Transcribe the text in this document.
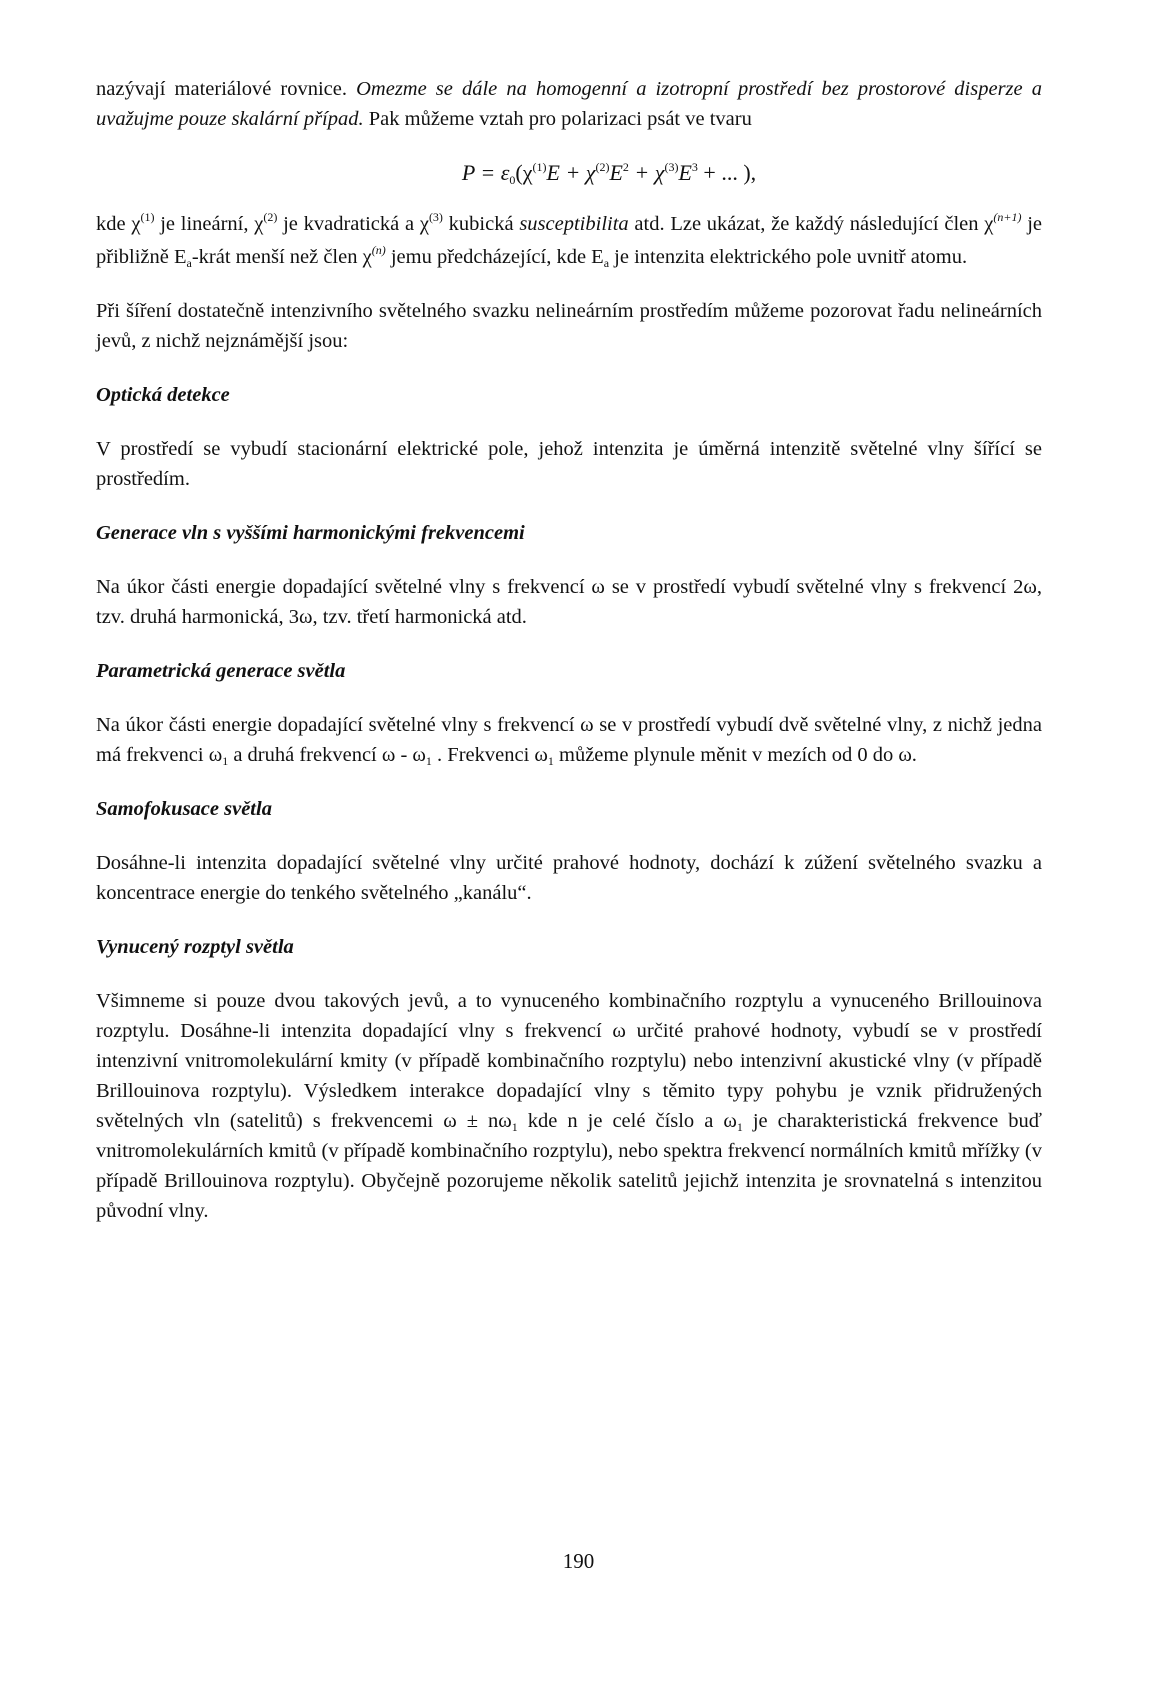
nazývají materiálové rovnice. Omezme se dále na homogenní a izotropní prostředí bez prostorové disperze a uvažujme pouze skalární případ. Pak můžeme vztah pro polarizaci psát ve tvaru

$P = \varepsilon_0(\chi^{(1)}E + \chi^{(2)}E^2 + \chi^{(3)}E^3$ + ... ),

kde $\chi^{(1)}$ je lineární, $\chi^{(2)}$ je kvadratická a $\chi^{(3)}$ kubická susceptibilita atd. Lze ukázat, že každý následující člen $\chi^{(n+1)}$ je přibližně $E_a$-krát menší než člen $\chi^{(n)}$ jemu předcházející, kde $E_a$ je intenzita elektrického pole uvnitř atomu.

Při šíření dostatečně intenzivního světelného svazku nelineárním prostředím můžeme pozorovat řadu nelineárních jevů, z nichž nejznámější jsou:

Optická detekce

V prostředí se vybudí stacionární elektrické pole, jehož intenzita je úměrná intenzitě světelné vlny šířící se prostředím.

Generace vln s vyššími harmonickými frekvencemi

Na úkor části energie dopadající světelné vlny s frekvencí ω se v prostředí vybudí světelné vlny s frekvencí 2ω, tzv. druhá harmonická, 3ω, tzv. třetí harmonická atd.

Parametrická generace světla

Na úkor části energie dopadající světelné vlny s frekvencí ω se v prostředí vybudí dvě světelné vlny, z nichž jedna má frekvenci $\omega_1$ a druhá frekvencí ω - $\omega_1$ . Frekvenci $\omega_1$ můžeme plynule měnit v mezích od 0 do ω.

Samofokusace světla

Dosáhne-li intenzita dopadající světelné vlny určité prahové hodnoty, dochází k zúžení světelného svazku a koncentrace energie do tenkého světelného „kanálu“.

Vynucený rozptyl světla

Všimneme si pouze dvou takových jevů, a to vynuceného kombinačního rozptylu a vynuceného Brillouinova rozptylu. Dosáhne-li intenzita dopadající vlny s frekvencí ω určité prahové hodnoty, vybudí se v prostředí intenzivní vnitromolekulární kmity (v případě kombinačního rozptylu) nebo intenzivní akustické vlny (v případě Brillouinova rozptylu). Výsledkem interakce dopadající vlny s těmito typy pohybu je vznik přidružených světelných vln (satelitů) s frekvencemi $\omega \pm n\omega_1$ kde n je celé číslo a $\omega_1$ je charakteristická frekvence buď vnitromolekulárních kmitů (v případě kombinačního rozptylu), nebo spektra frekvencí normálních kmitů mřížky (v případě Brillouinova rozptylu). Obyčejně pozorujeme několik satelitů jejichž intenzita je srovnatelná s intenzitou původní vlny.

190
